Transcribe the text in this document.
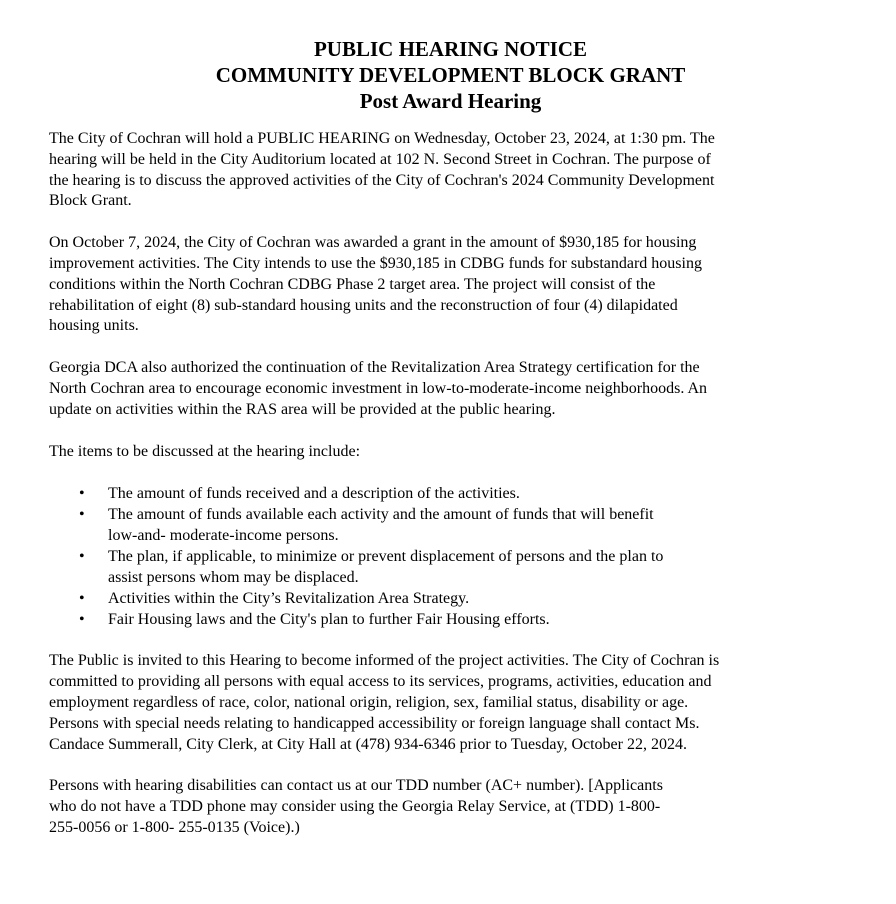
PUBLIC HEARING NOTICE
COMMUNITY DEVELOPMENT BLOCK GRANT
Post Award Hearing

The City of Cochran will hold a PUBLIC HEARING on Wednesday, October 23, 2024, at 1:30 pm. The
hearing will be held in the City Auditorium located at 102 N. Second Street in Cochran. The purpose of
the hearing is to discuss the approved activities of the City of Cochran's 2024 Community Development
Block Grant.

On October 7, 2024, the City of Cochran was awarded a grant in the amount of $930,185 for housing
improvement activities. The City intends to use the $930,185 in CDBG funds for substandard housing
conditions within the North Cochran CDBG Phase 2 target area. The project will consist of the
rehabilitation of eight (8) sub-standard housing units and the reconstruction of four (4) dilapidated
housing units.

Georgia DCA also authorized the continuation of the Revitalization Area Strategy certification for the
North Cochran area to encourage economic investment in low-to-moderate-income neighborhoods. An
update on activities within the RAS area will be provided at the public hearing.

The items to be discussed at the hearing include:

• The amount of funds received and a description of the activities.
• The amount of funds available each activity and the amount of funds that will benefit
low-and- moderate-income persons.
• The plan, if applicable, to minimize or prevent displacement of persons and the plan to
assist persons whom may be displaced.
• Activities within the City’s Revitalization Area Strategy.
• Fair Housing laws and the City's plan to further Fair Housing efforts.

The Public is invited to this Hearing to become informed of the project activities. The City of Cochran is
committed to providing all persons with equal access to its services, programs, activities, education and
employment regardless of race, color, national origin, religion, sex, familial status, disability or age.
Persons with special needs relating to handicapped accessibility or foreign language shall contact Ms.
Candace Summerall, City Clerk, at City Hall at (478) 934-6346 prior to Tuesday, October 22, 2024.

Persons with hearing disabilities can contact us at our TDD number (AC+ number). [Applicants
who do not have a TDD phone may consider using the Georgia Relay Service, at (TDD) 1-800-
255-0056 or 1-800- 255-0135 (Voice).)
